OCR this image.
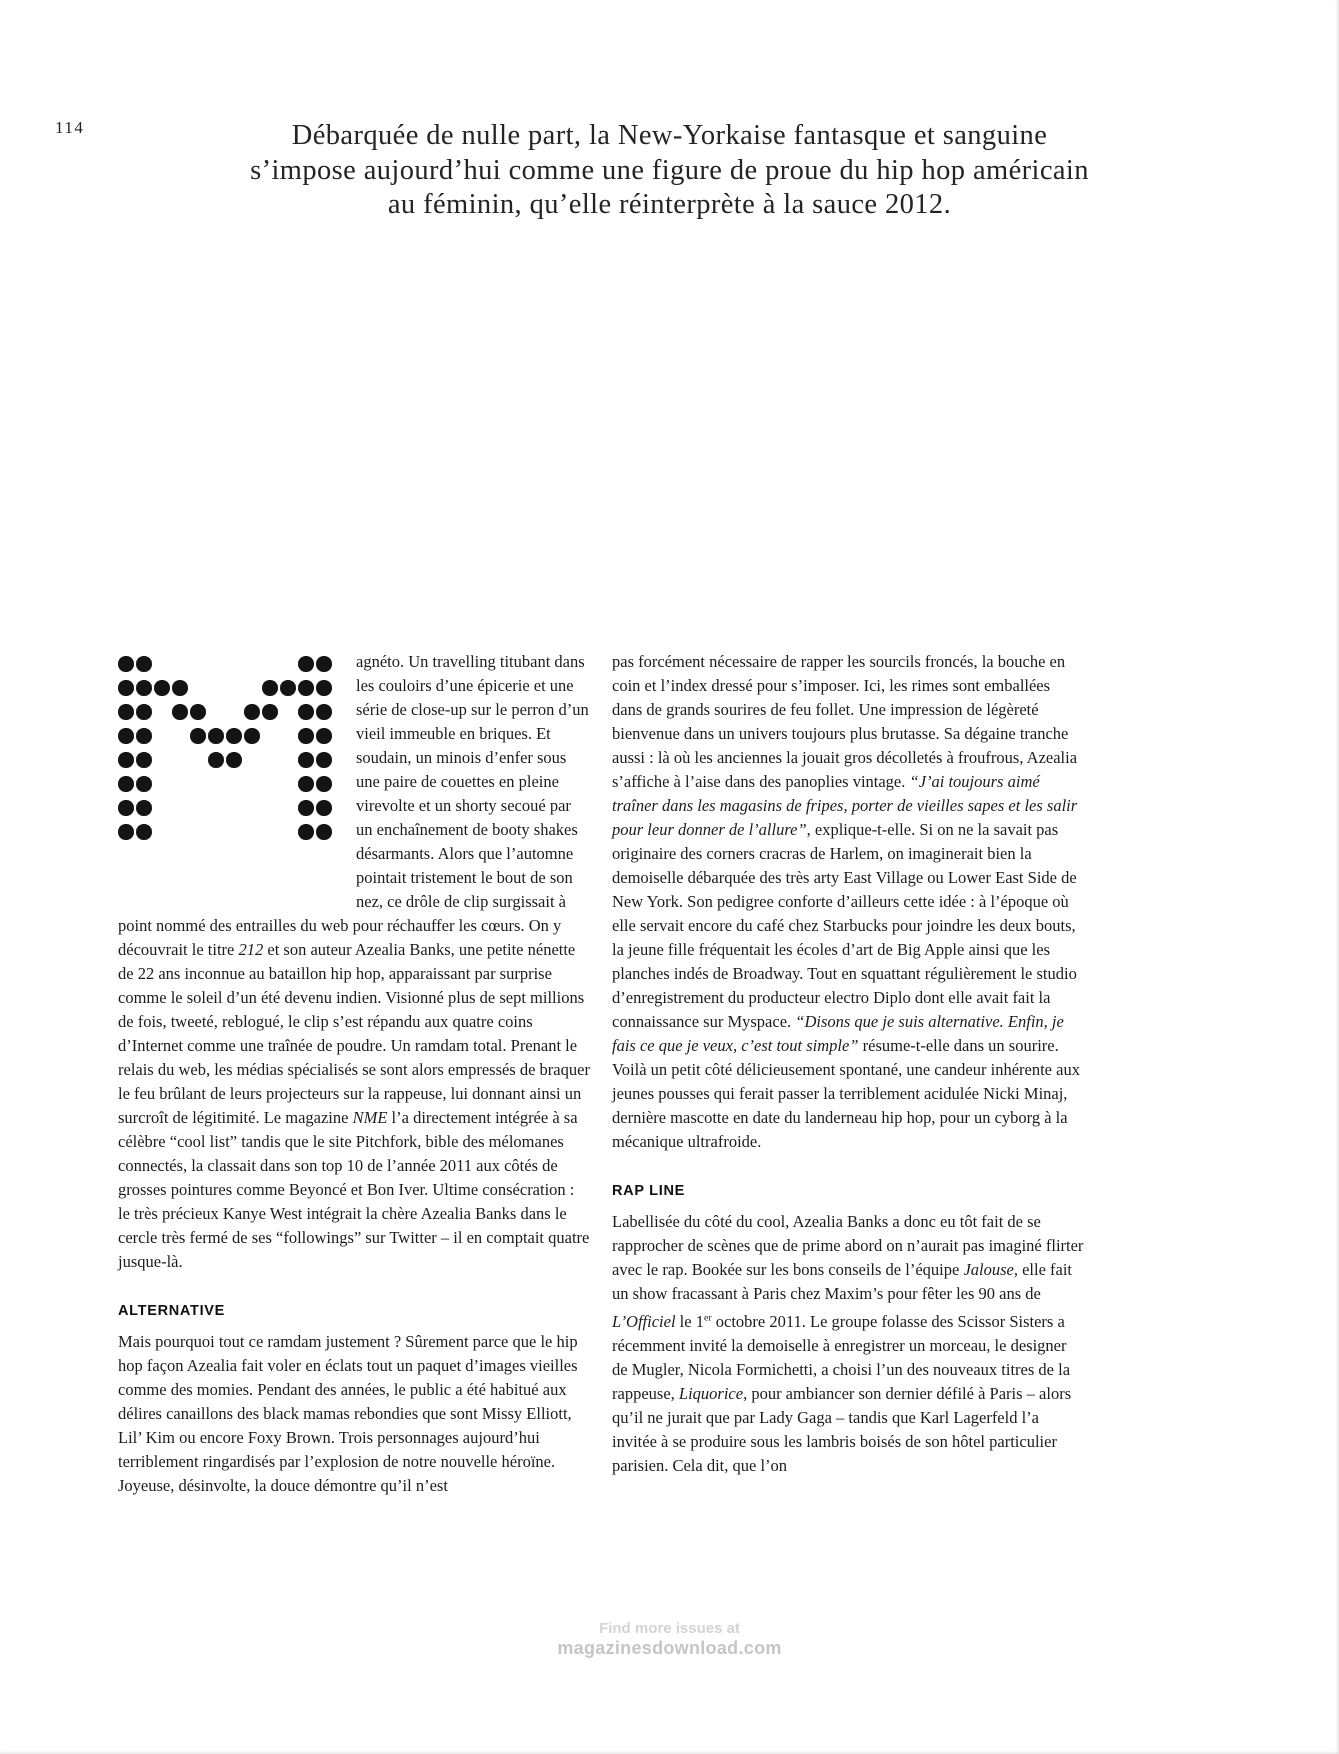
114	Débarquée de nulle part, la New-Yorkaise fantasque et sanguine
s’impose aujourd’hui comme une figure de proue du hip hop américain
au féminin, qu’elle réinterprète à la sauce 2012.

agnéto. Un travelling titubant dans les couloirs d’une épicerie et une série de close-up sur le perron d’un vieil immeuble en briques. Et soudain, un minois d’enfer sous une paire de couettes en pleine virevolte et un shorty secoué par un enchaînement de booty shakes désarmants. Alors que l’automne pointait tristement le bout de son nez, ce drôle de clip surgissait à point nommé des entrailles du web pour réchauffer les cœurs. On y découvrait le titre 212 et son auteur Azealia Banks, une petite nénette de 22 ans inconnue au bataillon hip hop, apparaissant par surprise comme le soleil d’un été devenu indien. Visionné plus de sept millions de fois, tweeté, reblogué, le clip s’est répandu aux quatre coins d’Internet comme une traînée de poudre. Un ramdam total. Prenant le relais du web, les médias spécialisés se sont alors empressés de braquer le feu brûlant de leurs projecteurs sur la rappeuse, lui donnant ainsi un surcroît de légitimité. Le magazine NME l’a directement intégrée à sa célèbre “cool list” tandis que le site Pitchfork, bible des mélomanes connectés, la classait dans son top 10 de l’année 2011 aux côtés de grosses pointures comme Beyoncé et Bon Iver. Ultime consécration : le très précieux Kanye West intégrait la chère Azealia Banks dans le cercle très fermé de ses “followings” sur Twitter – il en comptait quatre jusque-là.

ALTERNATIVE

Mais pourquoi tout ce ramdam justement ? Sûrement parce que le hip hop façon Azealia fait voler en éclats tout un paquet d’images vieilles comme des momies. Pendant des années, le public a été habitué aux délires canaillons des black mamas rebondies que sont Missy Elliott, Lil’ Kim ou encore Foxy Brown. Trois personnages aujourd’hui terriblement ringardisés par l’explosion de notre nouvelle héroïne. Joyeuse, désinvolte, la douce démontre qu’il n’est

pas forcément nécessaire de rapper les sourcils froncés, la bouche en coin et l’index dressé pour s’imposer. Ici, les rimes sont emballées dans de grands sourires de feu follet. Une impression de légèreté bienvenue dans un univers toujours plus brutasse. Sa dégaine tranche aussi : là où les anciennes la jouait gros décolletés à froufrous, Azealia s’affiche à l’aise dans des panoplies vintage. “J’ai toujours aimé traîner dans les magasins de fripes, porter de vieilles sapes et les salir pour leur donner de l’allure”, explique-t-elle. Si on ne la savait pas originaire des corners cracras de Harlem, on imaginerait bien la demoiselle débarquée des très arty East Village ou Lower East Side de New York. Son pedigree conforte d’ailleurs cette idée : à l’époque où elle servait encore du café chez Starbucks pour joindre les deux bouts, la jeune fille fréquentait les écoles d’art de Big Apple ainsi que les planches indés de Broadway. Tout en squattant régulièrement le studio d’enregistrement du producteur electro Diplo dont elle avait fait la connaissance sur Myspace. “Disons que je suis alternative. Enfin, je fais ce que je veux, c’est tout simple” résume-t-elle dans un sourire. Voilà un petit côté délicieusement spontané, une candeur inhérente aux jeunes pousses qui ferait passer la terriblement acidulée Nicki Minaj, dernière mascotte en date du landerneau hip hop, pour un cyborg à la mécanique ultrafroide.

RAP LINE

Labellisée du côté du cool, Azealia Banks a donc eu tôt fait de se rapprocher de scènes que de prime abord on n’aurait pas imaginé flirter avec le rap. Bookée sur les bons conseils de l’équipe Jalouse, elle fait un show fracassant à Paris chez Maxim’s pour fêter les 90 ans de L’Officiel le 1er octobre 2011. Le groupe folasse des Scissor Sisters a récemment invité la demoiselle à enregistrer un morceau, le designer de Mugler, Nicola Formichetti, a choisi l’un des nouveaux titres de la rappeuse, Liquorice, pour ambiancer son dernier défilé à Paris – alors qu’il ne jurait que par Lady Gaga – tandis que Karl Lagerfeld l’a invitée à se produire sous les lambris boisés de son hôtel particulier parisien. Cela dit, que l’on

Find more issues at
magazinesdownload.com
